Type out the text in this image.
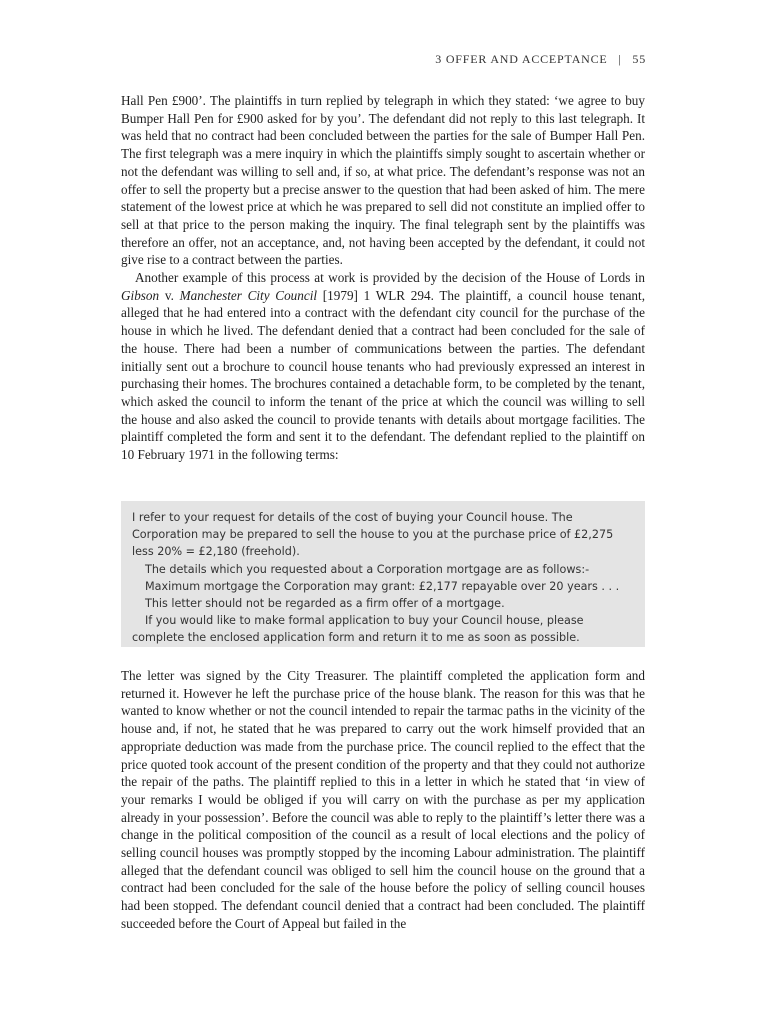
3 OFFER AND ACCEPTANCE | 55

Hall Pen £900’. The plaintiffs in turn replied by telegraph in which they stated: ‘we agree to buy Bumper Hall Pen for £900 asked for by you’. The defendant did not reply to this last telegraph. It was held that no contract had been concluded between the parties for the sale of Bumper Hall Pen. The first telegraph was a mere inquiry in which the plaintiffs simply sought to ascertain whether or not the defendant was willing to sell and, if so, at what price. The defendant’s response was not an offer to sell the property but a precise answer to the question that had been asked of him. The mere statement of the lowest price at which he was prepared to sell did not constitute an implied offer to sell at that price to the person making the inquiry. The final telegraph sent by the plaintiffs was therefore an offer, not an acceptance, and, not having been accepted by the defendant, it could not give rise to a contract between the parties.

Another example of this process at work is provided by the decision of the House of Lords in Gibson v. Manchester City Council [1979] 1 WLR 294. The plaintiff, a council house tenant, alleged that he had entered into a contract with the defendant city council for the purchase of the house in which he lived. The defendant denied that a contract had been concluded for the sale of the house. There had been a number of communications between the parties. The defendant initially sent out a brochure to council house tenants who had previously expressed an interest in purchasing their homes. The brochures contained a detachable form, to be completed by the tenant, which asked the council to inform the tenant of the price at which the council was willing to sell the house and also asked the council to provide tenants with details about mortgage facilities. The plaintiff completed the form and sent it to the defendant. The defendant replied to the plaintiff on 10 February 1971 in the following terms:

I refer to your request for details of the cost of buying your Council house. The Corporation may be prepared to sell the house to you at the purchase price of £2,275 less 20% = £2,180 (freehold).

The details which you requested about a Corporation mortgage are as follows:-

Maximum mortgage the Corporation may grant: £2,177 repayable over 20 years . . .

This letter should not be regarded as a firm offer of a mortgage.

If you would like to make formal application to buy your Council house, please complete the enclosed application form and return it to me as soon as possible.

The letter was signed by the City Treasurer. The plaintiff completed the application form and returned it. However he left the purchase price of the house blank. The reason for this was that he wanted to know whether or not the council intended to repair the tarmac paths in the vicinity of the house and, if not, he stated that he was prepared to carry out the work himself provided that an appropriate deduction was made from the purchase price. The council replied to the effect that the price quoted took account of the present condition of the property and that they could not authorize the repair of the paths. The plaintiff replied to this in a letter in which he stated that ‘in view of your remarks I would be obliged if you will carry on with the purchase as per my application already in your possession’. Before the council was able to reply to the plaintiff’s letter there was a change in the political composition of the council as a result of local elections and the policy of selling council houses was promptly stopped by the incoming Labour administration. The plaintiff alleged that the defendant council was obliged to sell him the council house on the ground that a contract had been concluded for the sale of the house before the policy of selling council houses had been stopped. The defendant council denied that a contract had been concluded. The plaintiff succeeded before the Court of Appeal but failed in the
